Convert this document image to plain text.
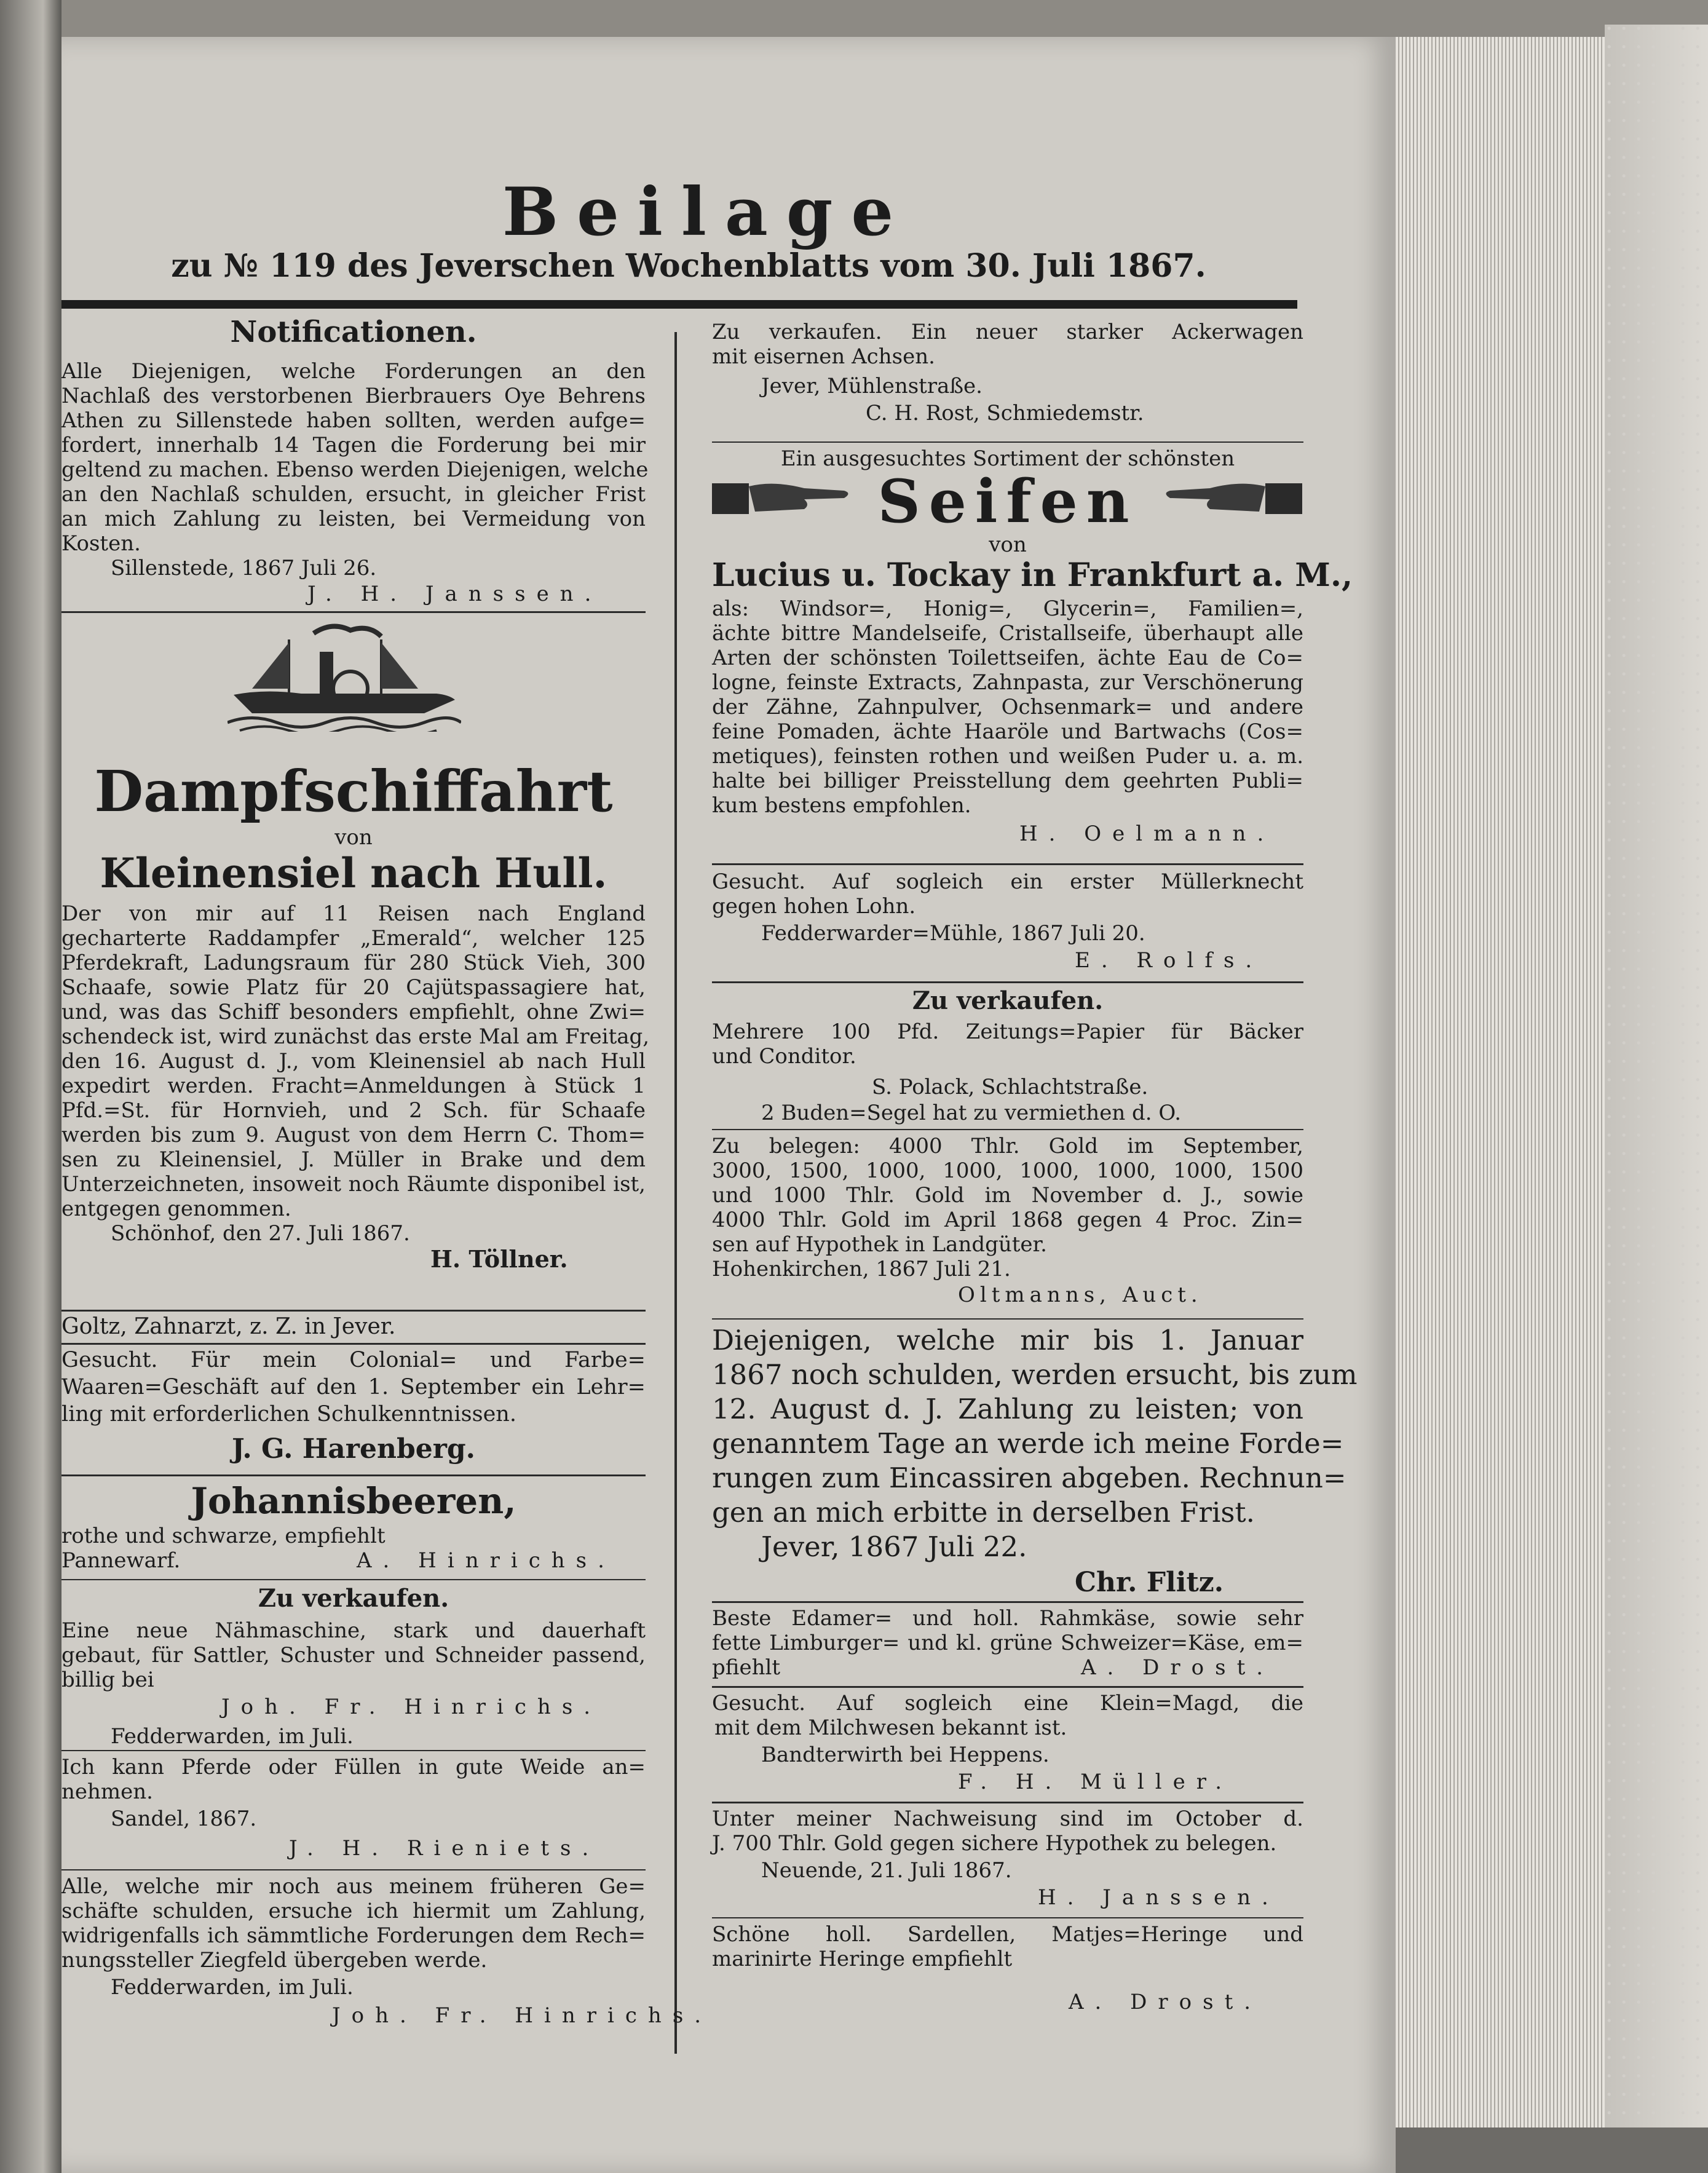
Beilage
zu № 119 des Jeverschen Wochenblatts vom 30. Juli 1867.
Notificationen.
Alle Diejenigen, welche Forderungen an den
Nachlaß des verstorbenen Bierbrauers Oye Behrens
Athen zu Sillenstede haben sollten, werden aufge=
fordert, innerhalb 14 Tagen die Forderung bei mir
geltend zu machen. Ebenso werden Diejenigen, welche
an den Nachlaß schulden, ersucht, in gleicher Frist
an mich Zahlung zu leisten, bei Vermeidung von
Kosten.
Sillenstede, 1867 Juli 26.
J. H. Janssen.
Dampfschiffahrt
von
Kleinensiel nach Hull.
Der von mir auf 11 Reisen nach England
gecharterte Raddampfer „Emerald“, welcher 125
Pferdekraft, Ladungsraum für 280 Stück Vieh, 300
Schaafe, sowie Platz für 20 Cajütspassagiere hat,
und, was das Schiff besonders empfiehlt, ohne Zwi=
schendeck ist, wird zunächst das erste Mal am Freitag,
den 16. August d. J., vom Kleinensiel ab nach Hull
expedirt werden. Fracht=Anmeldungen à Stück 1
Pfd.=St. für Hornvieh, und 2 Sch. für Schaafe
werden bis zum 9. August von dem Herrn C. Thom=
sen zu Kleinensiel, J. Müller in Brake und dem
Unterzeichneten, insoweit noch Räumte disponibel ist,
entgegen genommen.
Schönhof, den 27. Juli 1867.
H. Töllner.
Goltz, Zahnarzt, z. Z. in Jever.
Gesucht. Für mein Colonial= und Farbe=
Waaren=Geschäft auf den 1. September ein Lehr=
ling mit erforderlichen Schulkenntnissen.
J. G. Harenberg.
Johannisbeeren,
rothe und schwarze, empfiehlt
Pannewarf.	A. Hinrichs.
Zu verkaufen.
Eine neue Nähmaschine, stark und dauerhaft
gebaut, für Sattler, Schuster und Schneider passend,
billig bei
Joh. Fr. Hinrichs.
Fedderwarden, im Juli.
Ich kann Pferde oder Füllen in gute Weide an=
nehmen.
Sandel, 1867.
J. H. Rieniets.
Alle, welche mir noch aus meinem früheren Ge=
schäfte schulden, ersuche ich hiermit um Zahlung,
widrigenfalls ich sämmtliche Forderungen dem Rech=
nungssteller Ziegfeld übergeben werde.
Fedderwarden, im Juli.
Joh. Fr. Hinrichs.
Zu verkaufen. Ein neuer starker Ackerwagen
mit eisernen Achsen.
Jever, Mühlenstraße.
C. H. Rost, Schmiedemstr.
Ein ausgesuchtes Sortiment der schönsten
Seifen
von
Lucius u. Tockay in Frankfurt a. M.,
als: Windsor=, Honig=, Glycerin=, Familien=,
ächte bittre Mandelseife, Cristallseife, überhaupt alle
Arten der schönsten Toilettseifen, ächte Eau de Co=
logne, feinste Extracts, Zahnpasta, zur Verschönerung
der Zähne, Zahnpulver, Ochsenmark= und andere
feine Pomaden, ächte Haaröle und Bartwachs (Cos=
metiques), feinsten rothen und weißen Puder u. a. m.
halte bei billiger Preisstellung dem geehrten Publi=
kum bestens empfohlen.
H. Oelmann.
Gesucht. Auf sogleich ein erster Müllerknecht
gegen hohen Lohn.
Fedderwarder=Mühle, 1867 Juli 20.
E. Rolfs.
Zu verkaufen.
Mehrere 100 Pfd. Zeitungs=Papier für Bäcker
und Conditor.
S. Polack, Schlachtstraße.
2 Buden=Segel hat zu vermiethen d. O.
Zu belegen: 4000 Thlr. Gold im September,
3000, 1500, 1000, 1000, 1000, 1000, 1000, 1500
und 1000 Thlr. Gold im November d. J., sowie
4000 Thlr. Gold im April 1868 gegen 4 Proc. Zin=
sen auf Hypothek in Landgüter.
Hohenkirchen, 1867 Juli 21.
Oltmanns, Auct.
Diejenigen, welche mir bis 1. Januar
1867 noch schulden, werden ersucht, bis zum
12. August d. J. Zahlung zu leisten; von
genanntem Tage an werde ich meine Forde=
rungen zum Eincassiren abgeben. Rechnun=
gen an mich erbitte in derselben Frist.
Jever, 1867 Juli 22.
Chr. Flitz.
Beste Edamer= und holl. Rahmkäse, sowie sehr
fette Limburger= und kl. grüne Schweizer=Käse, em=
pfiehlt	A. Drost.
Gesucht. Auf sogleich eine Klein=Magd, die
mit dem Milchwesen bekannt ist.
Bandterwirth bei Heppens.
F. H. Müller.
Unter meiner Nachweisung sind im October d.
J. 700 Thlr. Gold gegen sichere Hypothek zu belegen.
Neuende, 21. Juli 1867.
H. Janssen.
Schöne holl. Sardellen, Matjes=Heringe und
marinirte Heringe empfiehlt
A. Drost.
